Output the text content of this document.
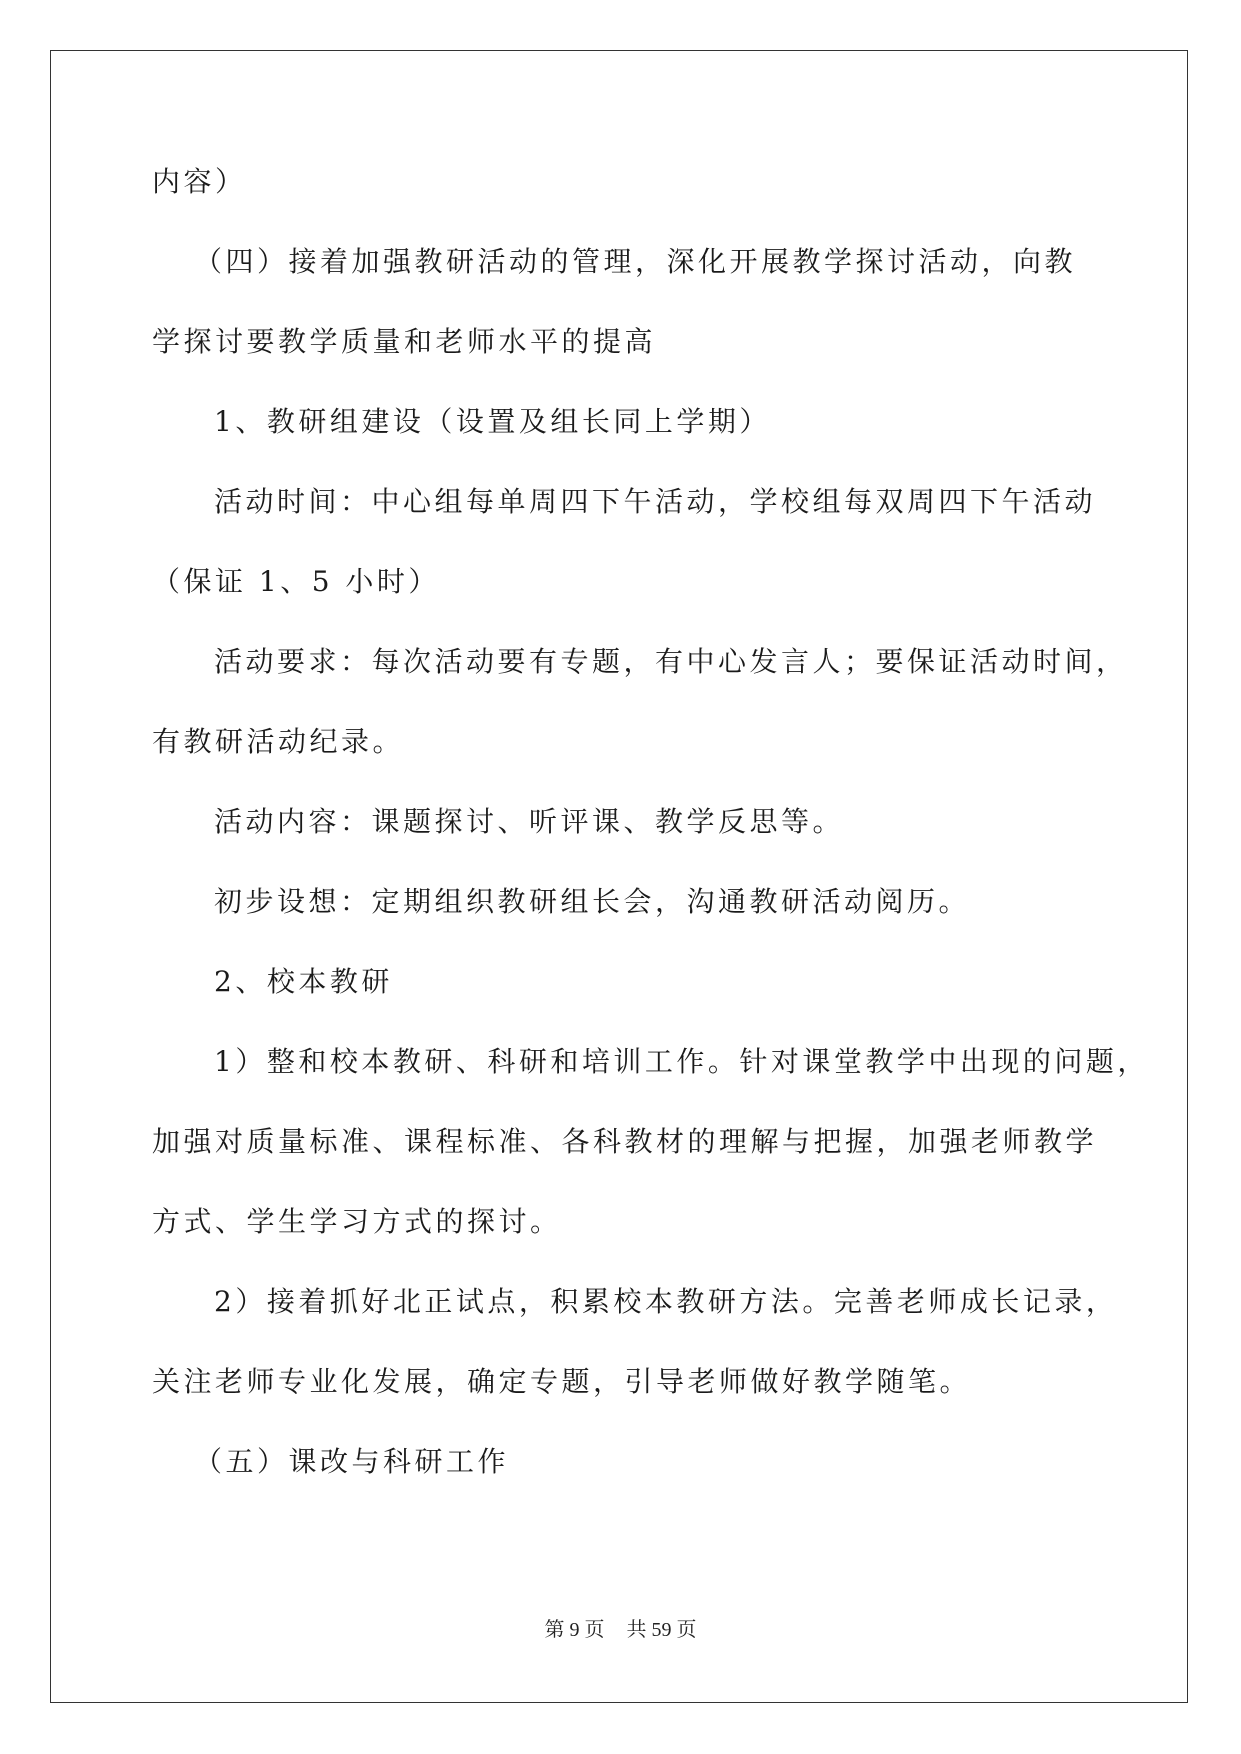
内容）
（四）接着加强教研活动的管理，深化开展教学探讨活动，向教
学探讨要教学质量和老师水平的提高
1、教研组建设（设置及组长同上学期）
活动时间：中心组每单周四下午活动，学校组每双周四下午活动
（保证 1、5 小时）
活动要求：每次活动要有专题，有中心发言人；要保证活动时间，
有教研活动纪录。
活动内容：课题探讨、听评课、教学反思等。
初步设想：定期组织教研组长会，沟通教研活动阅历。
2、校本教研
1）整和校本教研、科研和培训工作。针对课堂教学中出现的问题，
加强对质量标准、课程标准、各科教材的理解与把握，加强老师教学
方式、学生学习方式的探讨。
2）接着抓好北正试点，积累校本教研方法。完善老师成长记录，
关注老师专业化发展，确定专题，引导老师做好教学随笔。
（五）课改与科研工作
第 9 页 共 59 页
